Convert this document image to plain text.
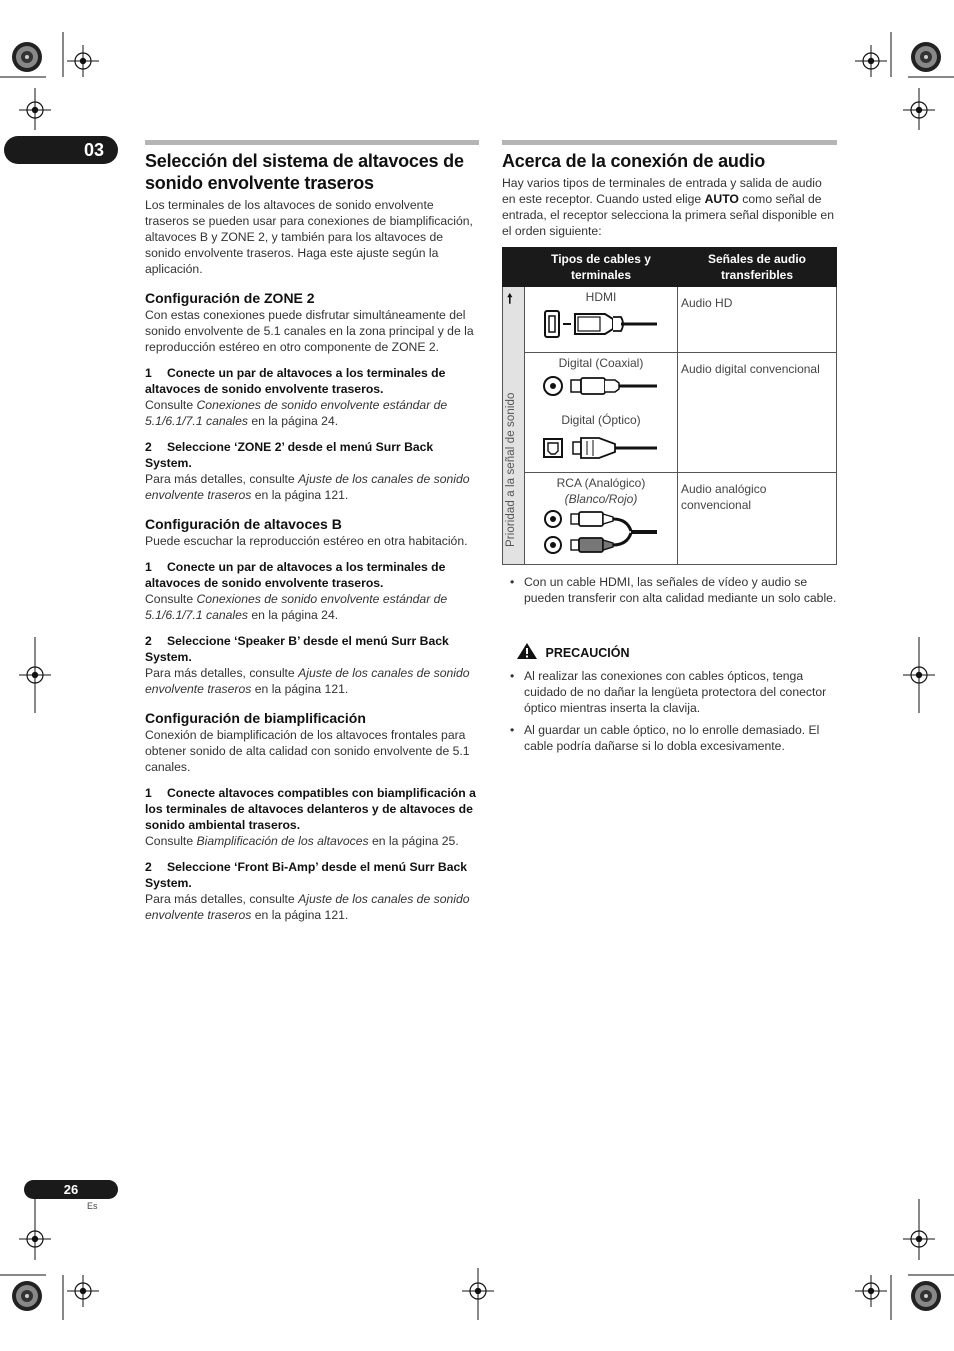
03
Selección del sistema de altavoces de sonido envolvente traseros

Los terminales de los altavoces de sonido envolvente traseros se pueden usar para conexiones de biamplificación, altavoces B y ZONE 2, y también para los altavoces de sonido envolvente traseros. Haga este ajuste según la aplicación.

Configuración de ZONE 2

Con estas conexiones puede disfrutar simultáneamente del sonido envolvente de 5.1 canales en la zona principal y de la reproducción estéreo en otro componente de ZONE 2.

1 Conecte un par de altavoces a los terminales de altavoces de sonido envolvente traseros.

Consulte Conexiones de sonido envolvente estándar de 5.1/6.1/7.1 canales en la página 24.

2 Seleccione ‘ZONE 2’ desde el menú Surr Back System.

Para más detalles, consulte Ajuste de los canales de sonido envolvente traseros en la página 121.

Configuración de altavoces B

Puede escuchar la reproducción estéreo en otra habitación.

1 Conecte un par de altavoces a los terminales de altavoces de sonido envolvente traseros.

Consulte Conexiones de sonido envolvente estándar de 5.1/6.1/7.1 canales en la página 24.

2 Seleccione ‘Speaker B’ desde el menú Surr Back System.

Para más detalles, consulte Ajuste de los canales de sonido envolvente traseros en la página 121.

Configuración de biamplificación

Conexión de biamplificación de los altavoces frontales para obtener sonido de alta calidad con sonido envolvente de 5.1 canales.

1 Conecte altavoces compatibles con biamplificación a los terminales de altavoces delanteros y de altavoces de sonido ambiental traseros.

Consulte Biamplificación de los altavoces en la página 25.

2 Seleccione ‘Front Bi-Amp’ desde el menú Surr Back System.

Para más detalles, consulte Ajuste de los canales de sonido envolvente traseros en la página 121.

Acerca de la conexión de audio

Hay varios tipos de terminales de entrada y salida de audio en este receptor. Cuando usted elige AUTO como señal de entrada, el receptor selecciona la primera señal disponible en el orden siguiente:

	Tipos de cables y terminales	Señales de audio transferibles

🠕
Prioridad a la señal de sonido	HDMI	Audio HD

	Digital (Coaxial)
Digital (Óptico)	Audio digital convencional

	RCA (Analógico)
(Blanco/Rojo)	Audio analógico convencional
• Con un cable HDMI, las señales de vídeo y audio se pueden transferir con alta calidad mediante un solo cable.
PRECAUCIÓN
• Al realizar las conexiones con cables ópticos, tenga cuidado de no dañar la lengüeta protectora del conector óptico mientras inserta la clavija.
• Al guardar un cable óptico, no lo enrolle demasiado. El cable podría dañarse si lo dobla excesivamente.
26
Es
